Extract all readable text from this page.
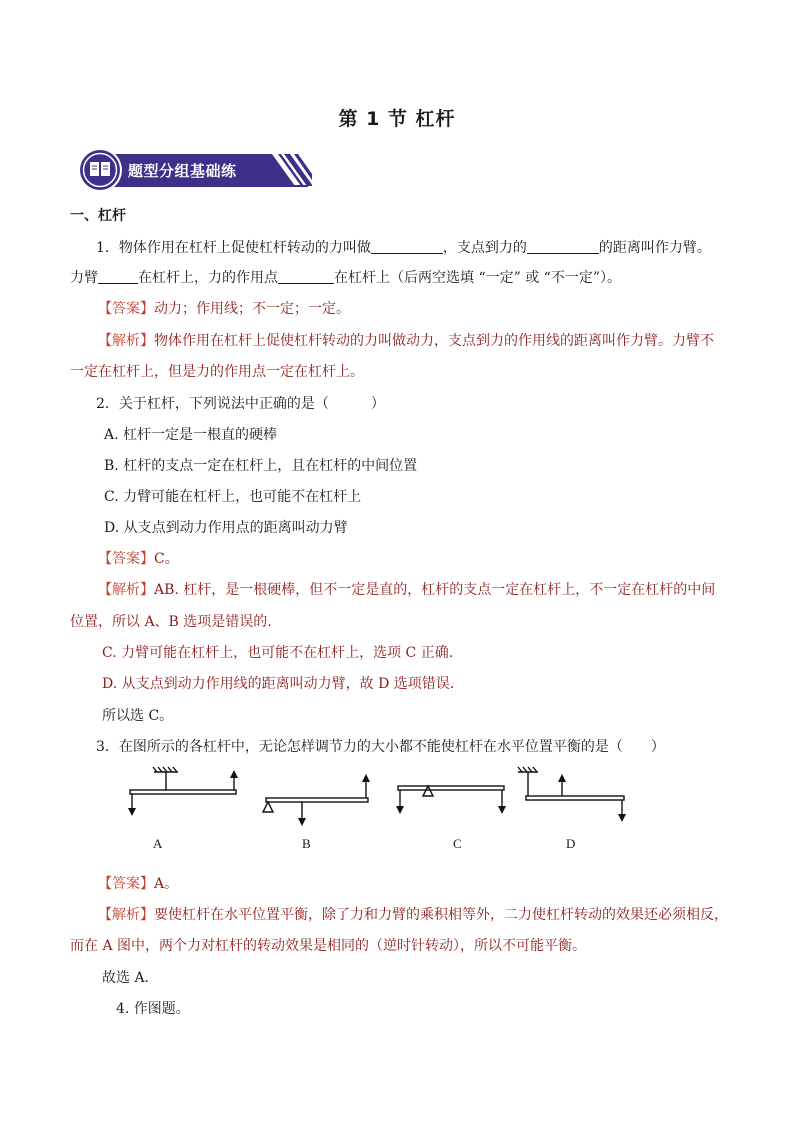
第 1 节 杠杆
题型分组基础练
一、杠杆
1．物体作用在杠杆上促使杠杆转动的力叫做	，支点到力的	的距离叫作力臂。
力臂	在杠杆上，力的作用点	在杠杆上（后两空选填 “一定” 或 “不一定”）。
【答案】动力；作用线；不一定；一定。
【解析】物体作用在杠杆上促使杠杆转动的力叫做动力，支点到力的作用线的距离叫作力臂。力臂不
一定在杠杆上，但是力的作用点一定在杠杆上。
2．关于杠杆，下列说法中正确的是（　　　）
A. 杠杆一定是一根直的硬棒
B. 杠杆的支点一定在杠杆上，且在杠杆的中间位置
C. 力臂可能在杠杆上，也可能不在杠杆上
D. 从支点到动力作用点的距离叫动力臂
【答案】C。
【解析】AB. 杠杆，是一根硬棒，但不一定是直的，杠杆的支点一定在杠杆上，不一定在杠杆的中间
位置，所以 A、B 选项是错误的.
C. 力臂可能在杠杆上，也可能不在杠杆上，选项 C 正确.
D. 从支点到动力作用线的距离叫动力臂，故 D 选项错误.
所以选 C。
3．在图所示的各杠杆中，无论怎样调节力的大小都不能使杠杆在水平位置平衡的是（　　）
A	B	C	D
【答案】A。
【解析】要使杠杆在水平位置平衡，除了力和力臂的乘积相等外，二力使杠杆转动的效果还必须相反，
而在 A 图中，两个力对杠杆的转动效果是相同的（逆时针转动），所以不可能平衡。
故选 A．
4. 作图题。
